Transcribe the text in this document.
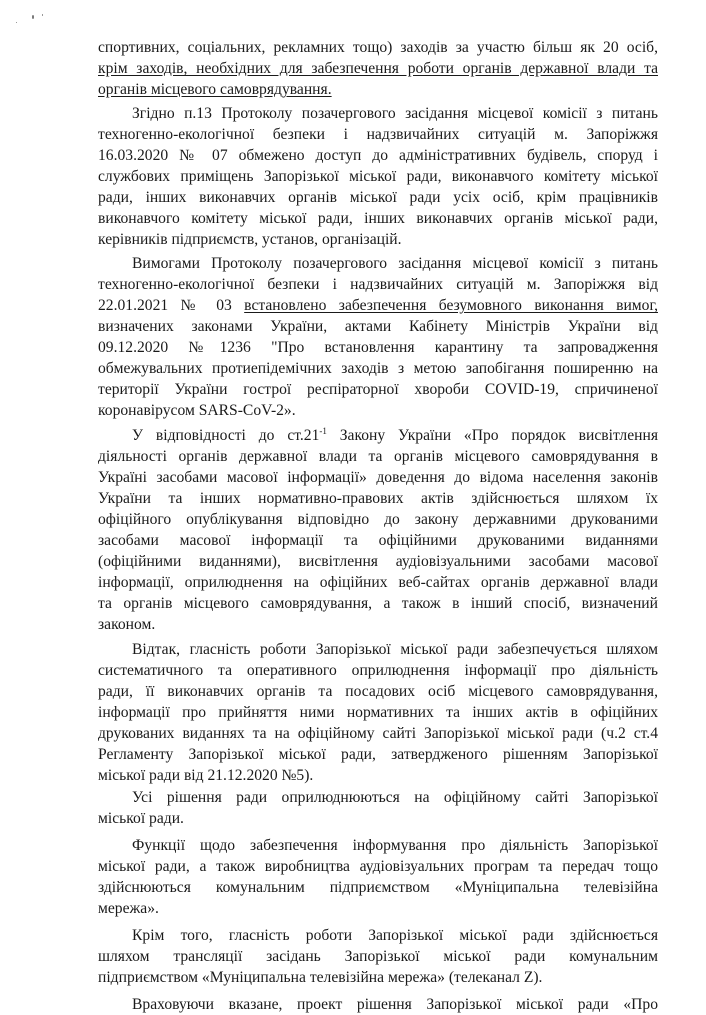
спортивних, соціальних, рекламних тощо) заходів за участю більш як 20 осіб,
крім заходів, необхідних для забезпечення роботи органів державної влади та
органів місцевого самоврядування.
Згідно п.13 Протоколу позачергового засідання місцевої комісії з питань
техногенно-екологічної безпеки і надзвичайних ситуацій м. Запоріжжя
16.03.2020 № 07 обмежено доступ до адміністративних будівель, споруд і
службових приміщень Запорізької міської ради, виконавчого комітету міської
ради, інших виконавчих органів міської ради усіх осіб, крім працівників
виконавчого комітету міської ради, інших виконавчих органів міської ради,
керівників підприємств, установ, організацій.
Вимогами Протоколу позачергового засідання місцевої комісії з питань
техногенно-екологічної безпеки і надзвичайних ситуацій м. Запоріжжя від
22.01.2021 № 03 встановлено забезпечення безумовного виконання вимог,
визначених законами України, актами Кабінету Міністрів України від
09.12.2020 №1236 "Про встановлення карантину та запровадження
обмежувальних протиепідемічних заходів з метою запобігання поширенню на
території України гострої респіраторної хвороби COVID-19, спричиненої
коронавірусом SARS-CoV-2».
У відповідності до $ст.21^{-1}$ Закону України «Про порядок висвітлення
діяльності органів державної влади та органів місцевого самоврядування в
Україні засобами масової інформації» доведення до відома населення законів
України та інших нормативно-правових актів здійснюється шляхом їх
офіційного опублікування відповідно до закону державними друкованими
засобами масової інформації та офіційними друкованими виданнями
(офіційними виданнями), висвітлення аудіовізуальними засобами масової
інформації, оприлюднення на офіційних веб-сайтах органів державної влади
та органів місцевого самоврядування, а також в інший спосіб, визначений
законом.
Відтак, гласність роботи Запорізької міської ради забезпечується шляхом
систематичного та оперативного оприлюднення інформації про діяльність
ради, її виконавчих органів та посадових осіб місцевого самоврядування,
інформації про прийняття ними нормативних та інших актів в офіційних
друкованих виданнях та на офіційному сайті Запорізької міської ради (ч.2 ст.4
Регламенту Запорізької міської ради, затвердженого рішенням Запорізької
міської ради від 21.12.2020 №5).
Усі рішення ради оприлюднюються на офіційному сайті Запорізької
міської ради.
Функції щодо забезпечення інформування про діяльність Запорізької
міської ради, а також виробництва аудіовізуальних програм та передач тощо
здійснюються комунальним підприємством «Муніципальна телевізійна
мережа».
Крім того, гласність роботи Запорізької міської ради здійснюється
шляхом трансляції засідань Запорізької міської ради комунальним
підприємством «Муніципальна телевізійна мережа» (телеканал Z).
Враховуючи вказане, проект рішення Запорізької міської ради «Про
